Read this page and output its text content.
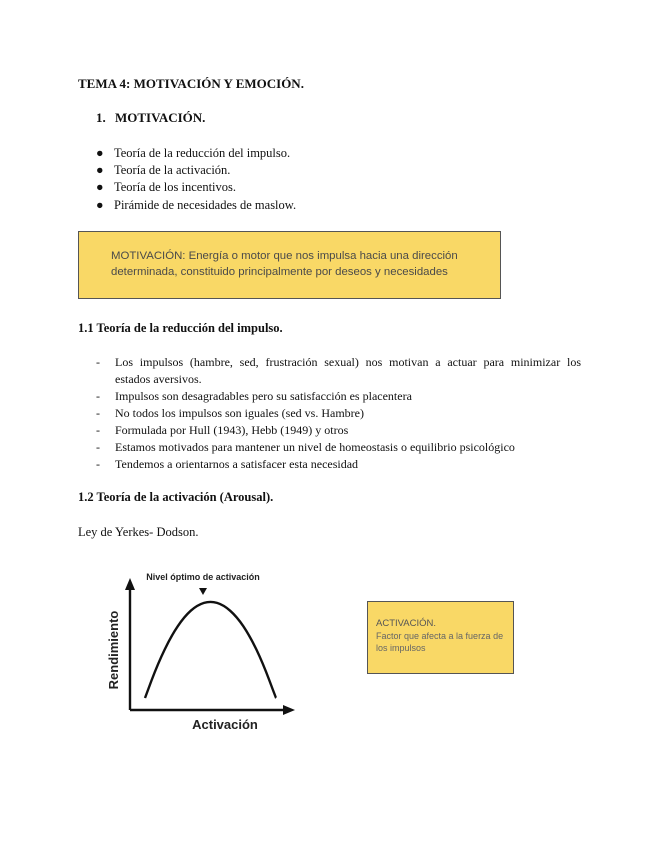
TEMA 4: MOTIVACIÓN Y EMOCIÓN.
1. MOTIVACIÓN.
● Teoría de la reducción del impulso.
● Teoría de la activación.
● Teoría de los incentivos.
● Pirámide de necesidades de maslow.
MOTIVACIÓN: Energía o motor que nos impulsa hacia una dirección determinada, constituido principalmente por deseos y necesidades
1.1 Teoría de la reducción del impulso.
- Los impulsos (hambre, sed, frustración sexual) nos motivan a actuar para minimizar los
estados aversivos.
- Impulsos son desagradables pero su satisfacción es placentera
- No todos los impulsos son iguales (sed vs. Hambre)
- Formulada por Hull (1943), Hebb (1949) y otros
- Estamos motivados para mantener un nivel de homeostasis o equilibrio psicológico
- Tendemos a orientarnos a satisfacer esta necesidad
1.2 Teoría de la activación (Arousal).
Ley de Yerkes- Dodson.
Nivel óptimo de activación
Activación
Rendimiento	ACTIVACIÓN.
Factor que afecta a la fuerza de los impulsos
